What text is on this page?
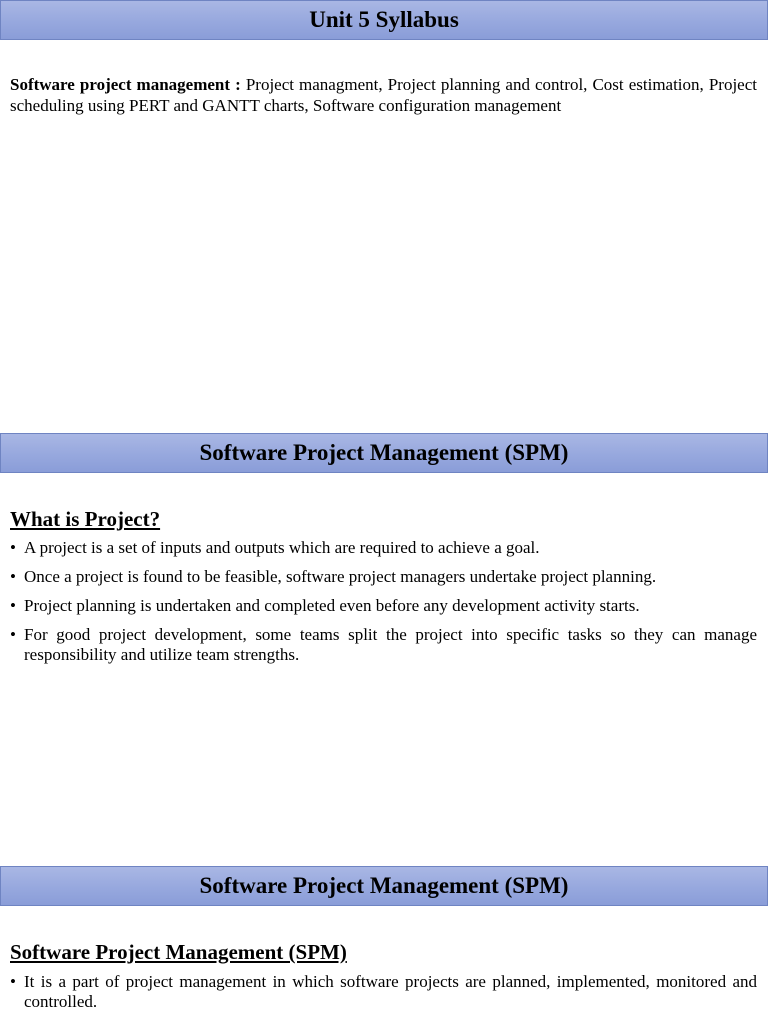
Unit 5 Syllabus
Software project management : Project managment, Project planning and control, Cost estimation, Project scheduling using PERT and GANTT charts, Software configuration management
Software Project Management (SPM)
What is Project?
• A project is a set of inputs and outputs which are required to achieve a goal.
• Once a project is found to be feasible, software project managers undertake project planning.
• Project planning is undertaken and completed even before any development activity starts.
• For good project development, some teams split the project into specific tasks so they can manage responsibility and utilize team strengths.
Software Project Management (SPM)
Software Project Management (SPM)
• It is a part of project management in which software projects are planned, implemented, monitored and controlled.
